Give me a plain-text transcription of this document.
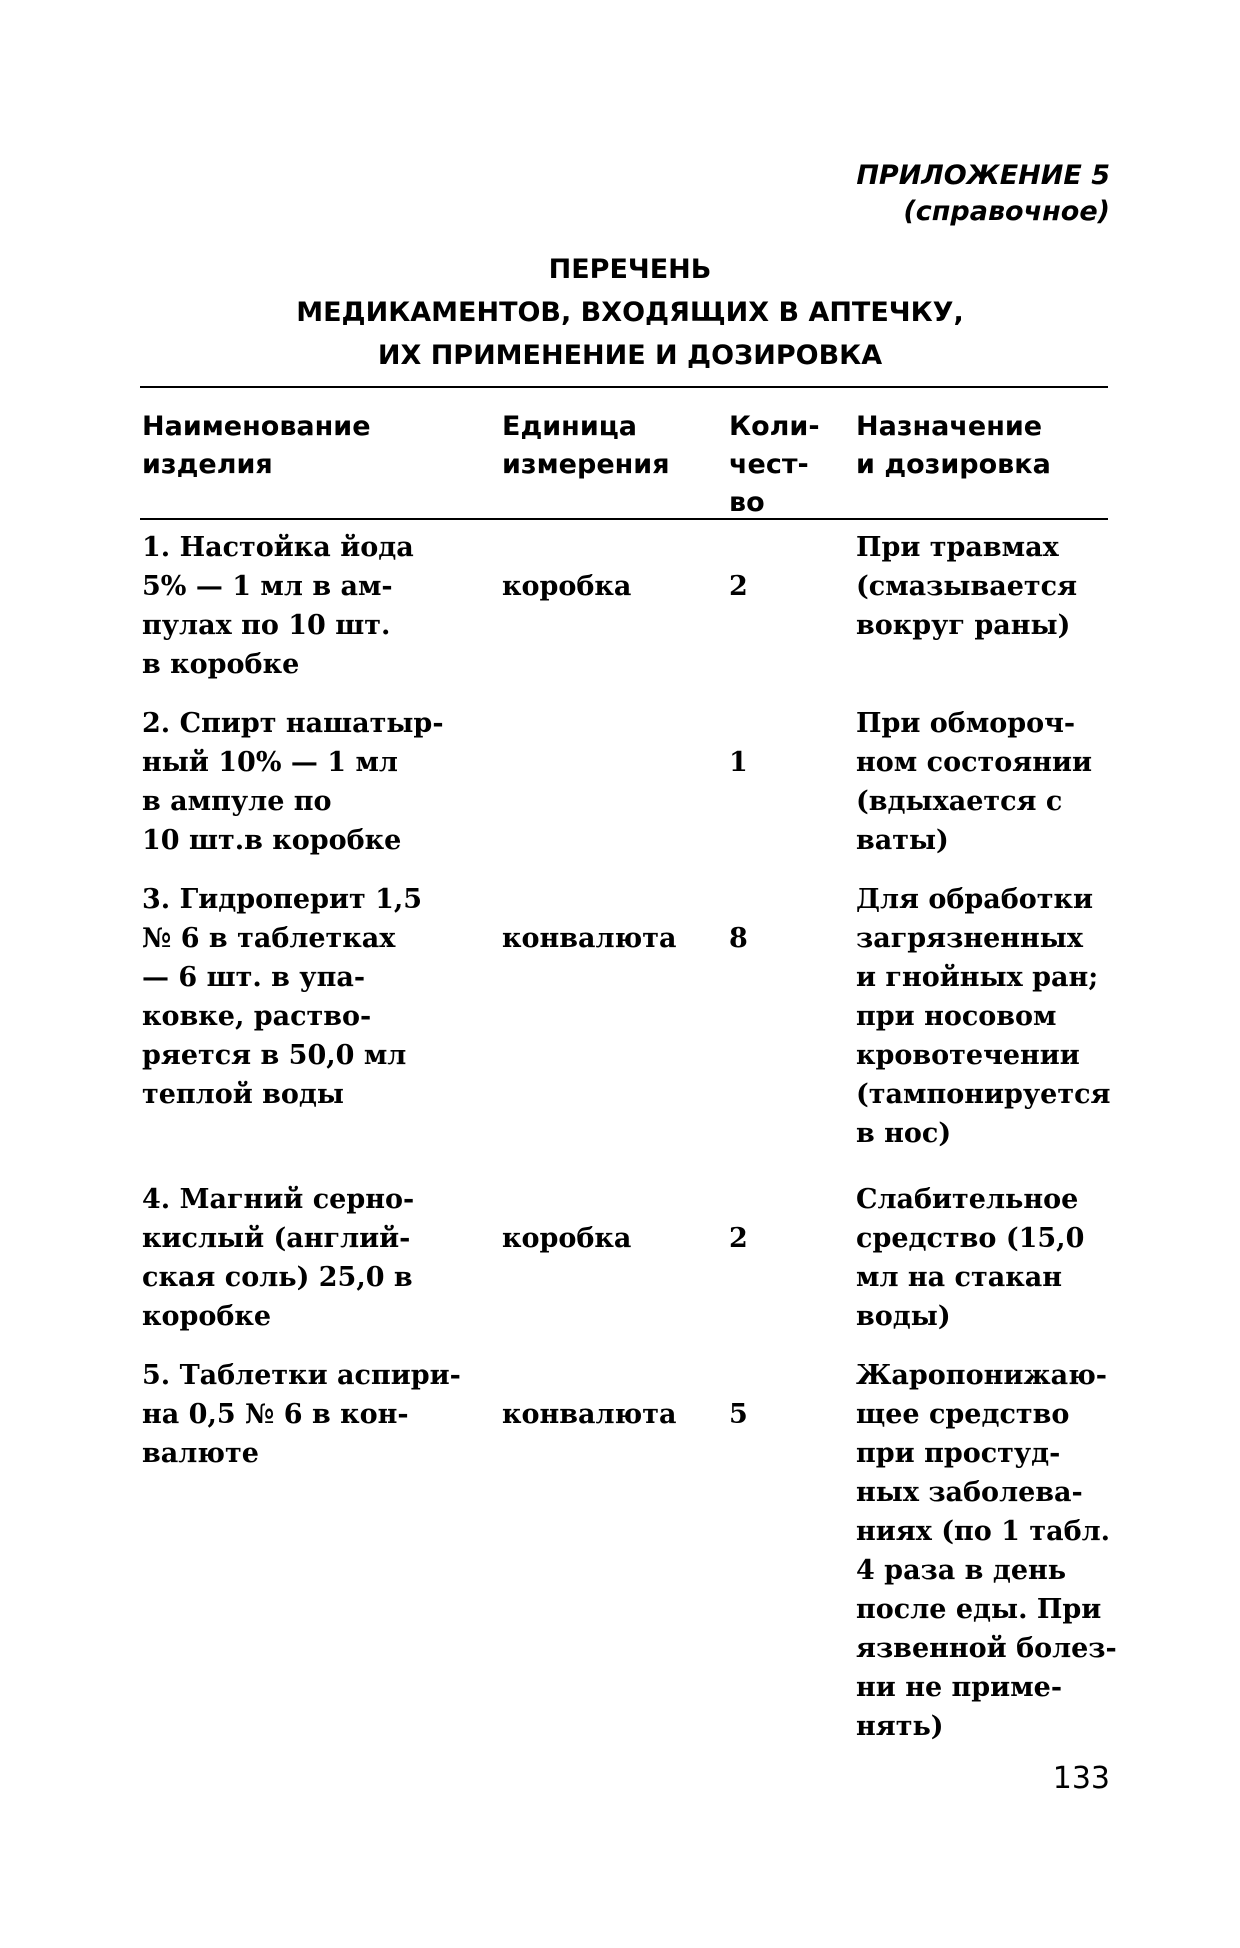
ПРИЛОЖЕНИЕ 5
(справочное)
ПЕРЕЧЕНЬ
МЕДИКАМЕНТОВ, ВХОДЯЩИХ В АПТЕЧКУ,
ИХ ПРИМЕНЕНИЕ И ДОЗИРОВКА
Наименование
изделия
Единица
измерения
Коли-
чест-
во
Назначение
и дозировка
1. Настойка йода
5% — 1 мл в ам-
пулах по 10 шт.
в коробке
коробка	2
При травмах
(смазывается
вокруг раны)
2. Спирт нашатыр-
ный 10% — 1 мл
в ампуле по
10 шт.в коробке
1
При обмороч-
ном состоянии
(вдыхается с
ваты)
3. Гидроперит 1,5
№ 6 в таблетках
— 6 шт. в упа-
ковке, раство-
ряется в 50,0 мл
теплой воды
конвалюта 8
Для обработки
загрязненных
и гнойных ран;
при носовом
кровотечении
(тампонируется
в нос)
4. Магний серно-
кислый (англий-
ская соль) 25,0 в
коробке
коробка	2
Слабительное
средство (15,0
мл на стакан
воды)
5. Таблетки аспири-
на 0,5 № 6 в кон-
валюте
конвалюта 5
Жаропонижаю-
щее средство
при простуд-
ных заболева-
ниях (по 1 табл.
4 раза в день
после еды. При
язвенной болез-
ни не приме-
нять)
133
